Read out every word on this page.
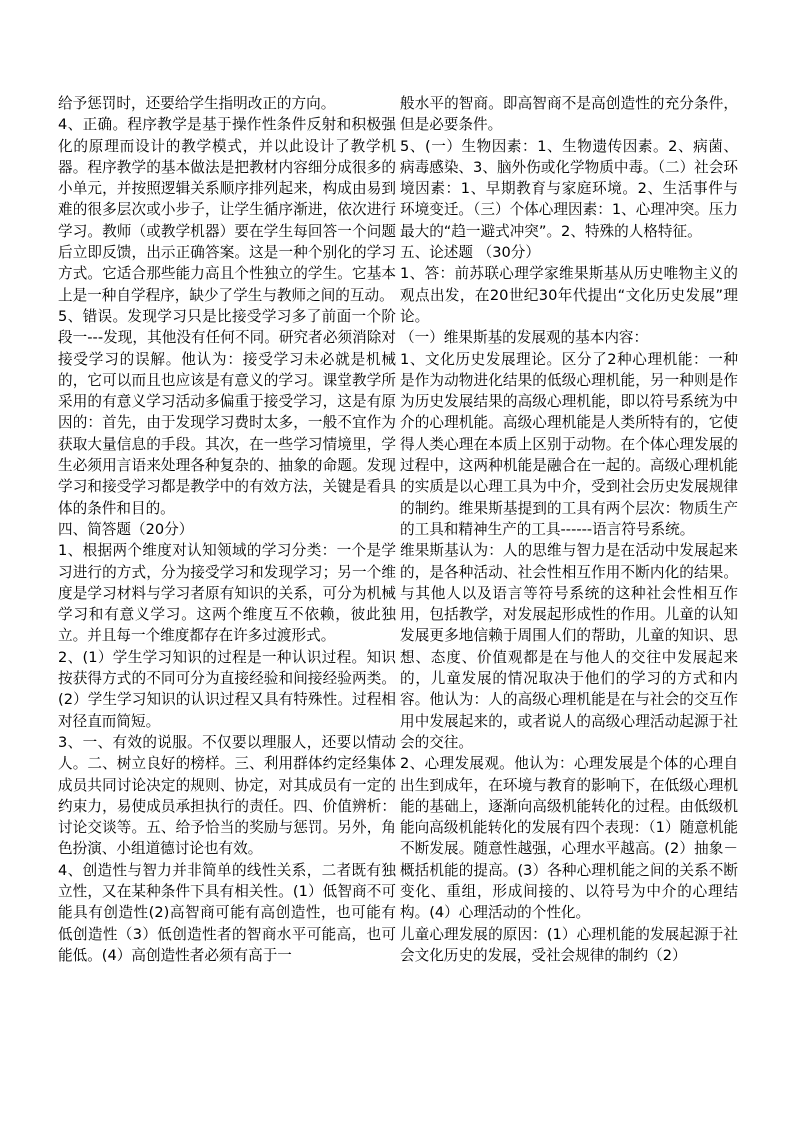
给予惩罚时，还要给学生指明改正的方向。

4、正确。程序教学是基于操作性条件反射和积极强化的原理而设计的教学模式，并以此设计了教学机器。程序教学的基本做法是把教材内容细分成很多的小单元，并按照逻辑关系顺序排列起来，构成由易到难的很多层次或小步子，让学生循序渐进，依次进行学习。教师（或教学机器）要在学生每回答一个问题后立即反馈，出示正确答案。这是一种个别化的学习方式。它适合那些能力高且个性独立的学生。它基本上是一种自学程序，缺少了学生与教师之间的互动。

5、错误。发现学习只是比接受学习多了前面一个阶段一---发现，其他没有任何不同。研究者必须消除对接受学习的误解。他认为：接受学习未必就是机械的，它可以而且也应该是有意义的学习。课堂教学所采用的有意义学习活动多偏重于接受学习，这是有原因的：首先，由于发现学习费时太多，一般不宜作为获取大量信息的手段。其次，在一些学习情境里，学生必须用言语来处理各种复杂的、抽象的命题。发现学习和接受学习都是教学中的有效方法，关键是看具体的条件和目的。

四、简答题（20分）

1、根据两个维度对认知领域的学习分类：一个是学习进行的方式，分为接受学习和发现学习；另一个维度是学习材料与学习者原有知识的关系，可分为机械学习和有意义学习。这两个维度互不依赖，彼此独立。并且每一个维度都存在许多过渡形式。

2、(1）学生学习知识的过程是一种认识过程。知识按获得方式的不同可分为直接经验和间接经验两类。(2）学生学习知识的认识过程又具有特殊性。过程相对径直而简短。

3、一、有效的说服。不仅要以理服人，还要以情动人。二、树立良好的榜样。三、利用群体约定经集体成员共同讨论决定的规则、协定，对其成员有一定的约束力，易使成员承担执行的责任。四、价值辨析：讨论交谈等。五、给予恰当的奖励与惩罚。另外，角色扮演、小组道德讨论也有效。

4、创造性与智力并非简单的线性关系，二者既有独立性，又在某种条件下具有相关性。(1）低智商不可能具有创造性(2)高智商可能有高创造性，也可能有低创造性（3）低创造性者的智商水平可能高，也可能低。(4）高创造性者必须有高于一

般水平的智商。即高智商不是高创造性的充分条件，但是必要条件。

5、(一）生物因素：1、生物遗传因素。2、病菌、病毒感染、3、脑外伤或化学物质中毒。（二）社会环境因素：1、早期教育与家庭环境。2、生活事件与环境变迁。（三）个体心理因素：1、心理冲突。压力最大的“趋一避式冲突”。2、特殊的人格特征。

五、论述题 （30分）

1、答：前苏联心理学家维果斯基从历史唯物主义的观点出发，在20世纪30年代提出“文化历史发展”理论。

（一）维果斯基的发展观的基本内容：

1、文化历史发展理论。区分了2种心理机能：一种是作为动物进化结果的低级心理机能，另一种则是作为历史发展结果的高级心理机能，即以符号系统为中介的心理机能。高级心理机能是人类所特有的，它使得人类心理在本质上区别于动物。在个体心理发展的过程中，这两种机能是融合在一起的。高级心理机能的实质是以心理工具为中介，受到社会历史发展规律的制约。维果斯基提到的工具有两个层次：物质生产的工具和精神生产的工具------语言符号系统。

维果斯基认为：人的思维与智力是在活动中发展起来的，是各种活动、社会性相互作用不断内化的结果。与其他人以及语言等符号系统的这种社会性相互作用，包括教学，对发展起形成性的作用。儿童的认知发展更多地信赖于周围人们的帮助，儿童的知识、思想、态度、价值观都是在与他人的交往中发展起来的，儿童发展的情况取决于他们的学习的方式和内容。他认为：人的高级心理机能是在与社会的交互作用中发展起来的，或者说人的高级心理活动起源于社会的交往。

2、心理发展观。他认为：心理发展是个体的心理自出生到成年，在环境与教育的影响下，在低级心理机能的基础上，逐渐向高级机能转化的过程。由低级机能向高级机能转化的发展有四个表现：（1）随意机能不断发展。随意性越强，心理水平越高。(2）抽象－概括机能的提高。(3）各种心理机能之间的关系不断变化、重组，形成间接的、以符号为中介的心理结构。(4）心理活动的个性化。

儿童心理发展的原因：(1）心理机能的发展起源于社会文化历史的发展，受社会规律的制约（2）
